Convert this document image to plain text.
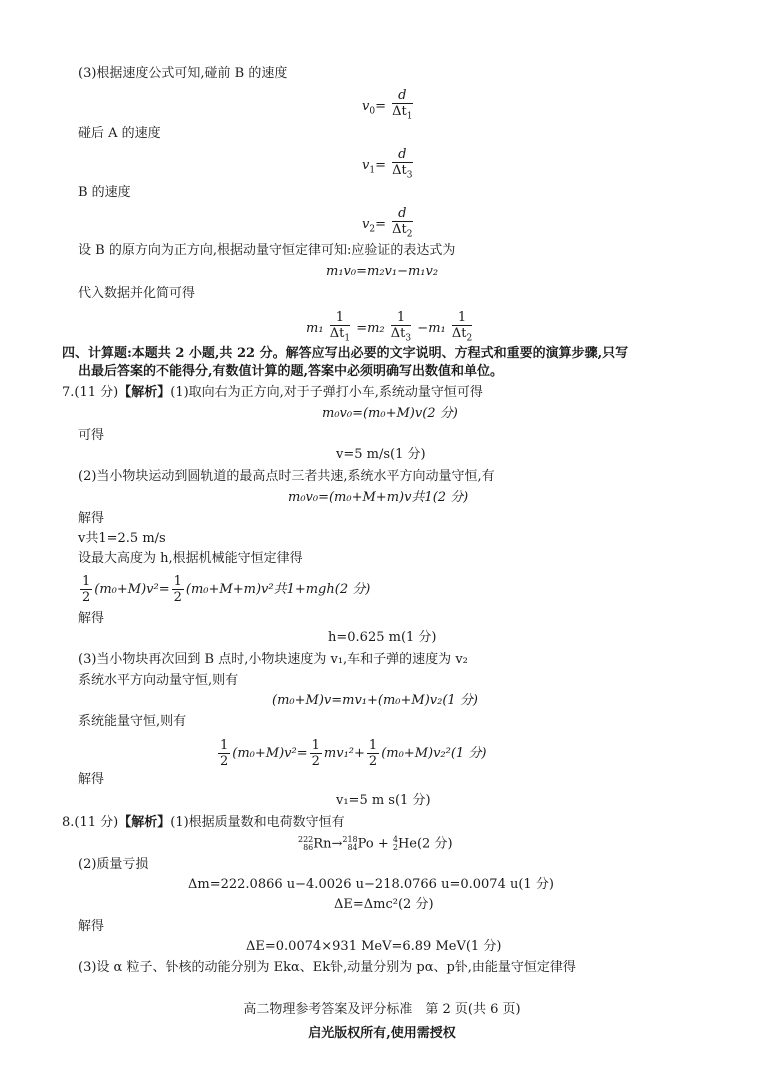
(3)根据速度公式可知,碰前 B 的速度
$v_0= \frac{d}{\Delta t_1}$
碰后 A 的速度
$v_1= \frac{d}{\Delta t_3}$
B 的速度
$v_2= \frac{d}{\Delta t_2}$
设 B 的原方向为正方向,根据动量守恒定律可知:应验证的表达式为
m₁v₀=m₂v₁−m₁v₂
代入数据并化简可得
$m_1 \frac{1}{\Delta t_1} =m_2 \frac{1}{\Delta t_3} -m_1 \frac{1}{\Delta t_2}$
四、计算题:本题共 2 小题,共 22 分。解答应写出必要的文字说明、方程式和重要的演算步骤,只写
出最后答案的不能得分,有数值计算的题,答案中必须明确写出数值和单位。
7.(11 分)【解析】(1)取向右为正方向,对于子弹打小车,系统动量守恒可得
m₀v₀=(m₀+M)v(2 分)
可得
v=5 m/s(1 分)
(2)当小物块运动到圆轨道的最高点时三者共速,系统水平方向动量守恒,有
m₀v₀=(m₀+M+m)v共1(2 分)
解得
v共1=2.5 m/s
设最大高度为 h,根据机械能守恒定律得
$\frac{1}{2} (m_0+M)v^2= \frac{1}{2} (m_0+M+m)v^2$共1+mgh(2 分)
解得
h=0.625 m(1 分)
(3)当小物块再次回到 B 点时,小物块速度为 v₁,车和子弹的速度为 v₂
系统水平方向动量守恒,则有
(m₀+M)v=mv₁+(m₀+M)v₂(1 分)
系统能量守恒,则有
$\frac{1}{2} (m_0+M)v^2= \frac{1}{2} mv_1^2+ \frac{1}{2} (m_0+M)v_2^2(1$ 分)
解得
v₁=5 m s(1 分)
8.(11 分)【解析】(1)根据质量数和电荷数守恒有
222
86 Rn→ 218
84 Po + 4
2 He(2 分)
(2)质量亏损
Δm=222.0866 u−4.0026 u−218.0766 u=0.0074 u(1 分)
ΔE=Δmc²(2 分)
解得
ΔE=0.0074×931 MeV=6.89 MeV(1 分)
(3)设 α 粒子、钋核的动能分别为 Ekα、Ek钋,动量分别为 pα、p钋,由能量守恒定律得
高二物理参考答案及评分标准　第 2 页(共 6 页)
启光版权所有,使用需授权
